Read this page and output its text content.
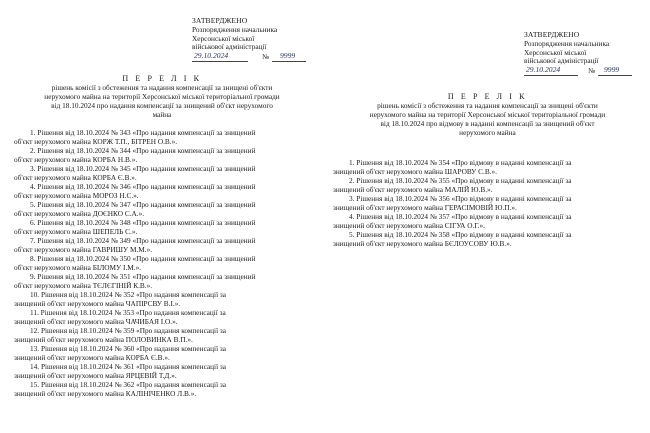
ЗАТВЕРДЖЕНО
Розпорядження начальника
Херсонської міської
військової адміністрації
29.10.2024	№ 9999
П Е Р Е Л І К
рішень комісії з обстеження та надання компенсації за знищені об'єкти
нерухомого майна на території Херсонської міської територіальної громади
від 18.10.2024 про надання компенсації за знищений об'єкт нерухомого
майна

1. Рішення від 18.10.2024 № 343 «Про надання компенсації за знищений

об'єкт нерухомого майна КОРЖ Т.П., БІТРЕН О.В.».

2. Рішення від 18.10.2024 № 344 «Про надання компенсації за знищений

об'єкт нерухомого майна КОРБА Н.В.».

3. Рішення від 18.10.2024 № 345 «Про надання компенсації за знищений

об'єкт нерухомого майна КОРБА Є.В.».

4. Рішення від 18.10.2024 № 346 «Про надання компенсації за знищений

об'єкт нерухомого майна МОРОЗ Н.С.».

5. Рішення від 18.10.2024 № 347 «Про надання компенсації за знищений

об'єкт нерухомого майна ДОЄНКО С.А.».

6. Рішення від 18.10.2024 № 348 «Про надання компенсації за знищений

об'єкт нерухомого майна ШЕПЕЛЬ С.».

7. Рішення від 18.10.2024 № 349 «Про надання компенсації за знищений

об'єкт нерухомого майна ГАВРИШУ М.М.».

8. Рішення від 18.10.2024 № 350 «Про надання компенсації за знищений

об'єкт нерухомого майна БІЛОМУ І.М.».

9. Рішення від 18.10.2024 № 351 «Про надання компенсації за знищений

об'єкт нерухомого майна ТЄЛЄГІНІЙ К.В.».

10. Рішення від 18.10.2024 № 352 «Про надання компенсації за

знищений об'єкт нерухомого майна ЧАПІРСВУ В.І.».

11. Рішення від 18.10.2024 № 353 «Про надання компенсації за

знищений об'єкт нерухомого майна ЧАЧИБАЯ І.О.».

12. Рішення від 18.10.2024 № 359 «Про надання компенсації за

знищений об'єкт нерухомого майна ПОЛОВИНКА В.П.».

13. Рішення від 18.10.2024 № 360 «Про надання компенсації за

знищений об'єкт нерухомого майна КОРБА Є.В.».

14. Рішення від 18.10.2024 № 361 «Про надання компенсації за

знищений об'єкт нерухомого майна ЯРЦЕВІЙ Т.Д.».

15. Рішення від 18.10.2024 № 362 «Про надання компенсації за

знищений об'єкт нерухомого майна КАЛІНІЧЕНКО Л.В.».

ЗАТВЕРДЖЕНО
Розпорядження начальника
Херсонської міської
військової адміністрації
29.10.2024	№ 9999
П Е Р Е Л І К
рішень комісії з обстеження та надання компенсації за знищені об'єкти
нерухомого майна на території Херсонської міської територіальної громади
від 18.10.2024 про відмову в наданні компенсації за знищений об'єкт
нерухомого майна

1. Рішення від 18.10.2024 № 354 «Про відмову в наданні компенсації за

знищений об'єкт нерухомого майна ШАРОВУ С.В.».

2. Рішення від 18.10.2024 № 355 «Про відмову в наданні компенсації за

знищений об'єкт нерухомого майна МАЛІЙ Ю.В.».

3. Рішення від 18.10.2024 № 356 «Про відмову в наданні компенсації за

знищений об'єкт нерухомого майна ГЕРАСІМОВІЙ Ю.П.».

4. Рішення від 18.10.2024 № 357 «Про відмову в наданні компенсації за

знищений об'єкт нерухомого майна СІГУА О.Г.».

5. Рішення від 18.10.2024 № 358 «Про відмову в наданні компенсації за

знищений об'єкт нерухомого майна БЄЛОУСОВУ Ю.В.».
